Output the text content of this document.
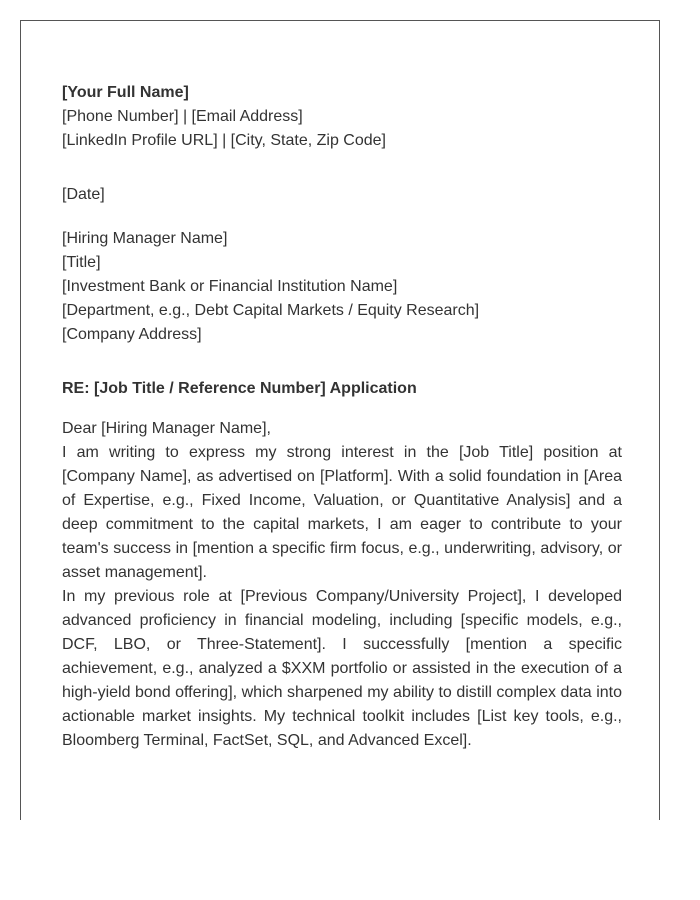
[Your Full Name]
[Phone Number] | [Email Address]
[LinkedIn Profile URL] | [City, State, Zip Code]
[Date]
[Hiring Manager Name]
[Title]
[Investment Bank or Financial Institution Name]
[Department, e.g., Debt Capital Markets / Equity Research]
[Company Address]
RE: [Job Title / Reference Number] Application
Dear [Hiring Manager Name],

I am writing to express my strong interest in the [Job Title] position at [Company Name], as advertised on [Platform]. With a solid foundation in [Area of Expertise, e.g., Fixed Income, Valuation, or Quantitative Analysis] and a deep commitment to the capital markets, I am eager to contribute to your team's success in [mention a specific firm focus, e.g., underwriting, advisory, or asset management].

In my previous role at [Previous Company/University Project], I developed advanced proficiency in financial modeling, including [specific models, e.g., DCF, LBO, or Three-Statement]. I successfully [mention a specific achievement, e.g., analyzed a $XXM portfolio or assisted in the execution of a high-yield bond offering], which sharpened my ability to distill complex data into actionable market insights. My technical toolkit includes [List key tools, e.g., Bloomberg Terminal, FactSet, SQL, and Advanced Excel].
